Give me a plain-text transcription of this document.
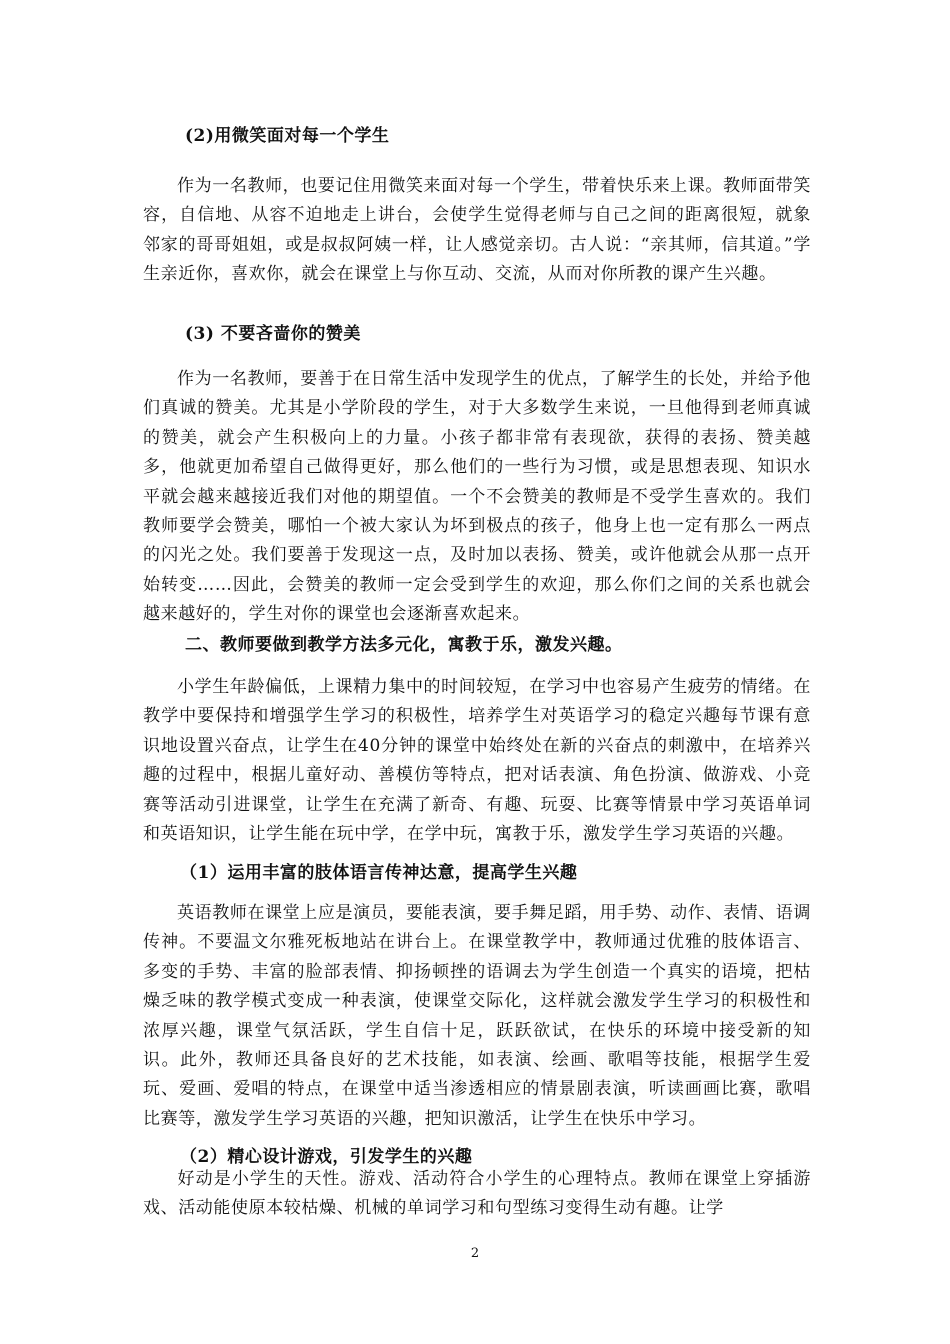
(2)用微笑面对每一个学生
作为一名教师，也要记住用微笑来面对每一个学生，带着快乐来上课。教师面带笑容，自信地、从容不迫地走上讲台，会使学生觉得老师与自己之间的距离很短，就象邻家的哥哥姐姐，或是叔叔阿姨一样，让人感觉亲切。古人说：“亲其师，信其道。”学生亲近你，喜欢你，就会在课堂上与你互动、交流，从而对你所教的课产生兴趣。
(3) 不要吝啬你的赞美
作为一名教师，要善于在日常生活中发现学生的优点，了解学生的长处，并给予他们真诚的赞美。尤其是小学阶段的学生，对于大多数学生来说，一旦他得到老师真诚的赞美，就会产生积极向上的力量。小孩子都非常有表现欲，获得的表扬、赞美越多，他就更加希望自己做得更好，那么他们的一些行为习惯，或是思想表现、知识水平就会越来越接近我们对他的期望值。一个不会赞美的教师是不受学生喜欢的。我们教师要学会赞美，哪怕一个被大家认为坏到极点的孩子，他身上也一定有那么一两点的闪光之处。我们要善于发现这一点，及时加以表扬、赞美，或许他就会从那一点开始转变……因此，会赞美的教师一定会受到学生的欢迎，那么你们之间的关系也就会越来越好的，学生对你的课堂也会逐渐喜欢起来。
二、教师要做到教学方法多元化，寓教于乐，激发兴趣。
小学生年龄偏低，上课精力集中的时间较短，在学习中也容易产生疲劳的情绪。在教学中要保持和增强学生学习的积极性，培养学生对英语学习的稳定兴趣每节课有意识地设置兴奋点，让学生在40分钟的课堂中始终处在新的兴奋点的刺激中，在培养兴趣的过程中，根据儿童好动、善模仿等特点，把对话表演、角色扮演、做游戏、小竞赛等活动引进课堂，让学生在充满了新奇、有趣、玩耍、比赛等情景中学习英语单词和英语知识，让学生能在玩中学，在学中玩，寓教于乐，激发学生学习英语的兴趣。
（1）运用丰富的肢体语言传神达意，提高学生兴趣
英语教师在课堂上应是演员，要能表演，要手舞足蹈，用手势、动作、表情、语调传神。不要温文尔雅死板地站在讲台上。在课堂教学中，教师通过优雅的肢体语言、多变的手势、丰富的脸部表情、抑扬顿挫的语调去为学生创造一个真实的语境，把枯燥乏味的教学模式变成一种表演，使课堂交际化，这样就会激发学生学习的积极性和浓厚兴趣，课堂气氛活跃，学生自信十足，跃跃欲试，在快乐的环境中接受新的知识。此外，教师还具备良好的艺术技能，如表演、绘画、歌唱等技能，根据学生爱玩、爱画、爱唱的特点，在课堂中适当渗透相应的情景剧表演，听读画画比赛，歌唱比赛等，激发学生学习英语的兴趣，把知识激活，让学生在快乐中学习。
（2）精心设计游戏，引发学生的兴趣
好动是小学生的天性。游戏、活动符合小学生的心理特点。教师在课堂上穿插游戏、活动能使原本较枯燥、机械的单词学习和句型练习变得生动有趣。让学
2
